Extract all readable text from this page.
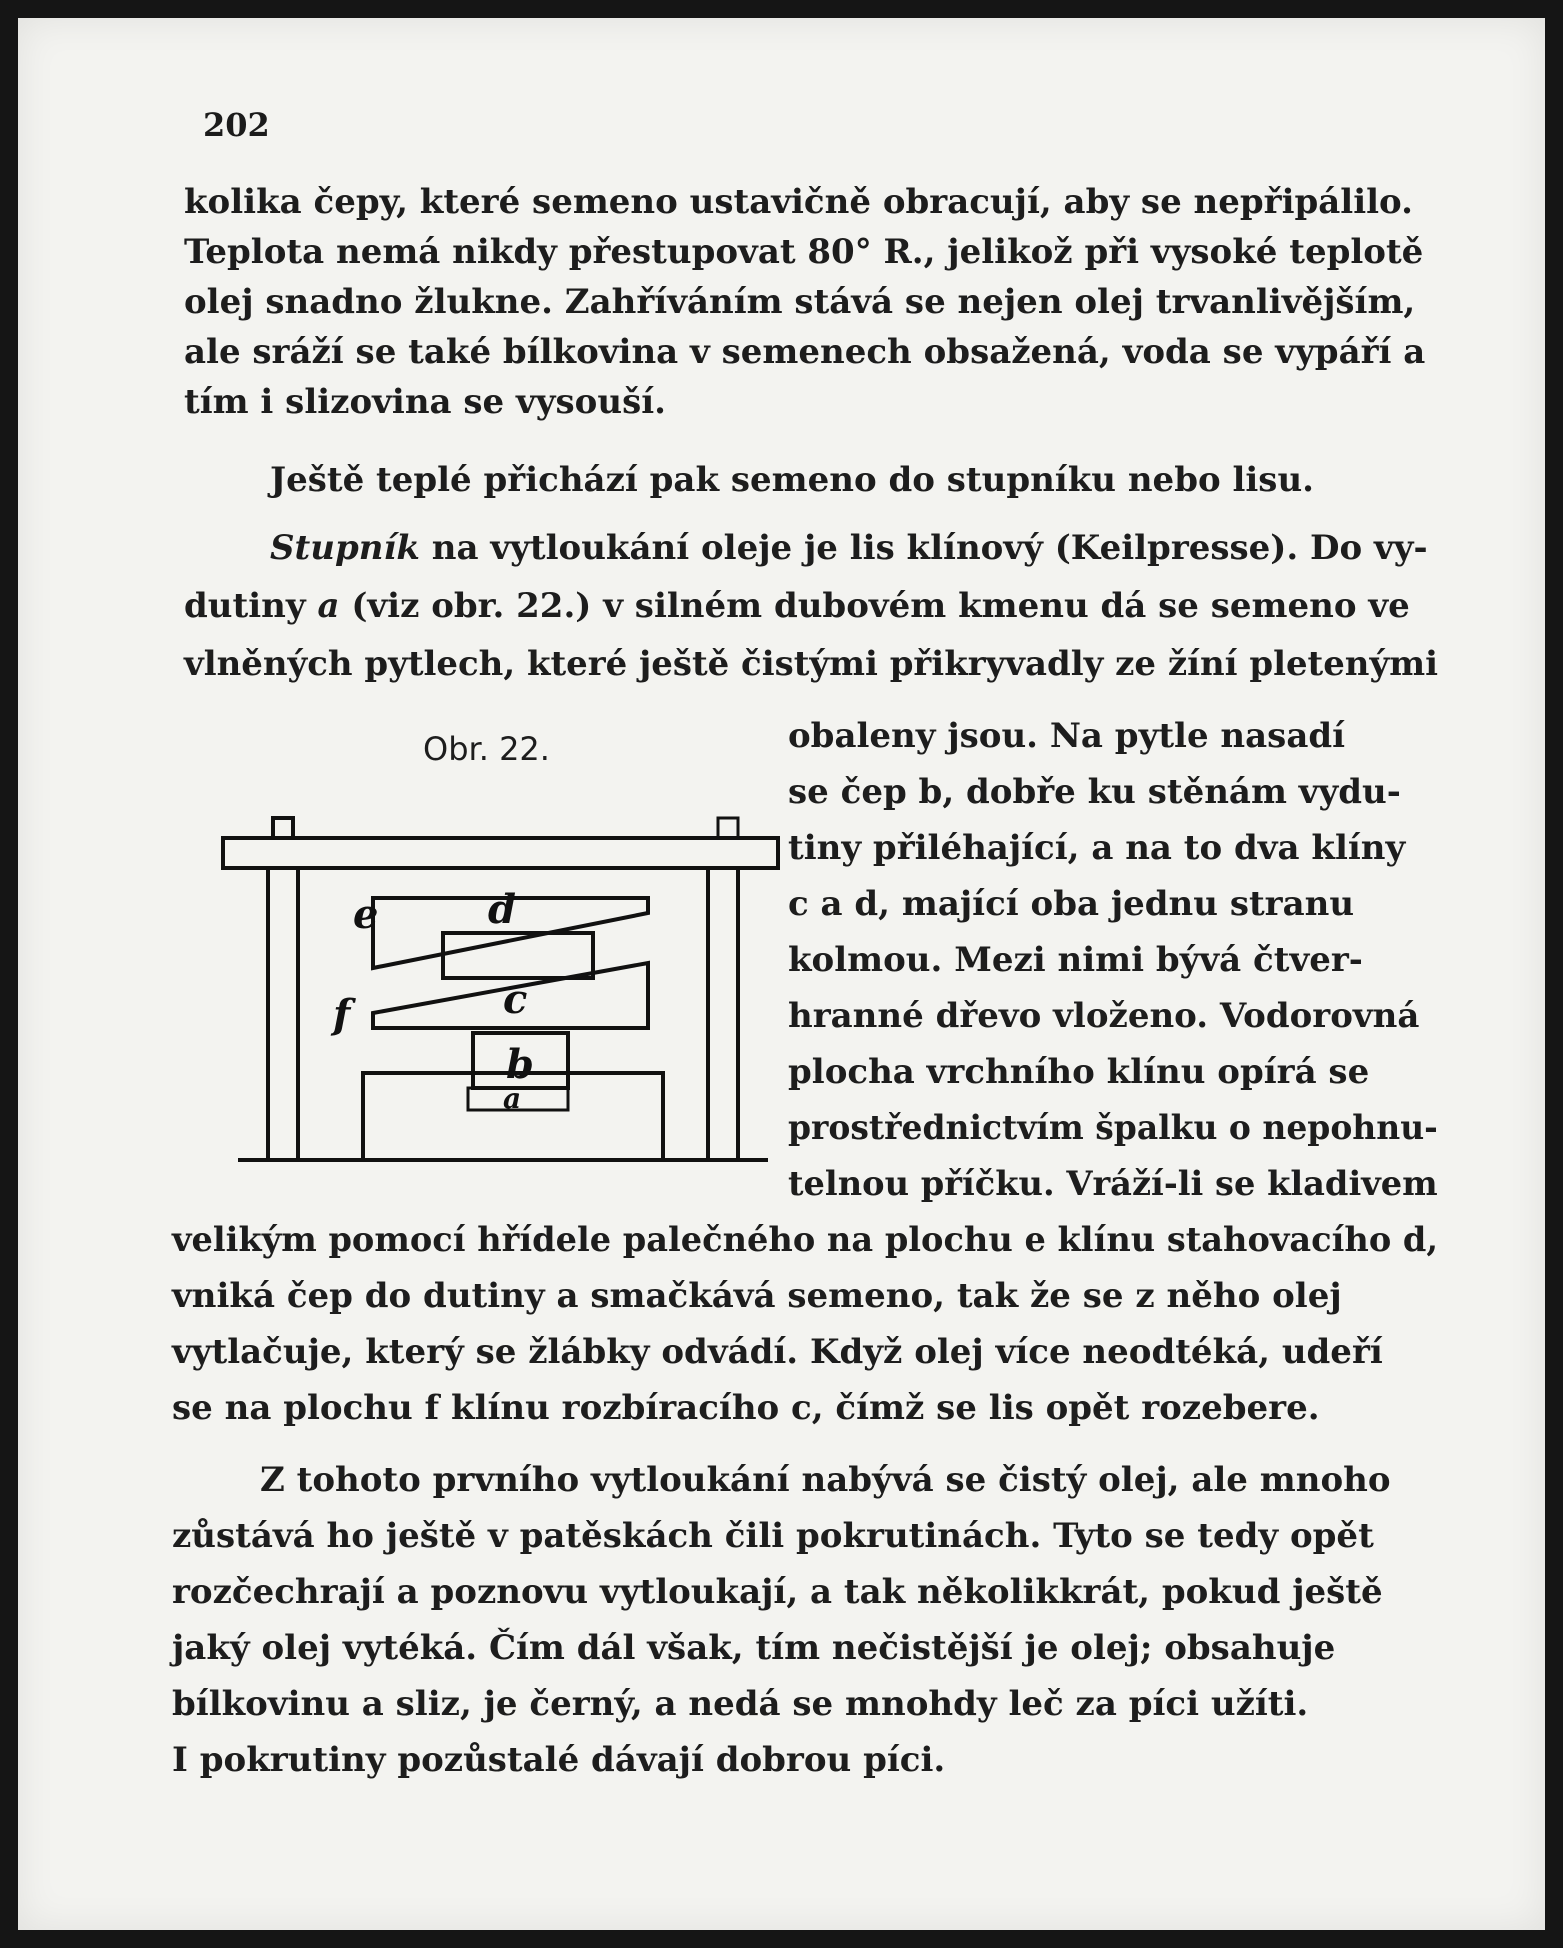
202
kolika čepy, které semeno ustavičně obracují, aby se nepřipálilo.
Teplota nemá nikdy přestupovat 80° R., jelikož při vysoké teplotě
olej snadno žlukne. Zahříváním stává se nejen olej trvanlivějším,
ale sráží se také bílkovina v semenech obsažená, voda se vypáří a
tím i slizovina se vysouší.
Ještě teplé přichází pak semeno do stupníku nebo lisu.
Stupník na vytloukání oleje je lis klínový (Keilpresse). Do vy-
dutiny a (viz obr. 22.) v silném dubovém kmenu dá se semeno ve
vlněných pytlech, které ještě čistými přikryvadly ze žíní pletenými
Obr. 22.
e	d
c
f
b
a
obaleny jsou. Na pytle nasadí
se čep b, dobře ku stěnám vydu-
tiny přiléhající, a na to dva klíny
c a d, mající oba jednu stranu
kolmou. Mezi nimi bývá čtver-
hranné dřevo vloženo. Vodorovná
plocha vrchního klínu opírá se
prostřednictvím špalku o nepohnu-
telnou příčku. Vráží-li se kladivem
velikým pomocí hřídele palečného na plochu e klínu stahovacího d,
vniká čep do dutiny a smačkává semeno, tak že se z něho olej
vytlačuje, který se žlábky odvádí. Když olej více neodtéká, udeří
se na plochu f klínu rozbíracího c, čímž se lis opět rozebere.
Z tohoto prvního vytloukání nabývá se čistý olej, ale mnoho
zůstává ho ještě v patěskách čili pokrutinách. Tyto se tedy opět
rozčechrají a poznovu vytloukají, a tak několikkrát, pokud ještě
jaký olej vytéká. Čím dál však, tím nečistější je olej; obsahuje
bílkovinu a sliz, je černý, a nedá se mnohdy leč za píci užíti.
I pokrutiny pozůstalé dávají dobrou píci.
